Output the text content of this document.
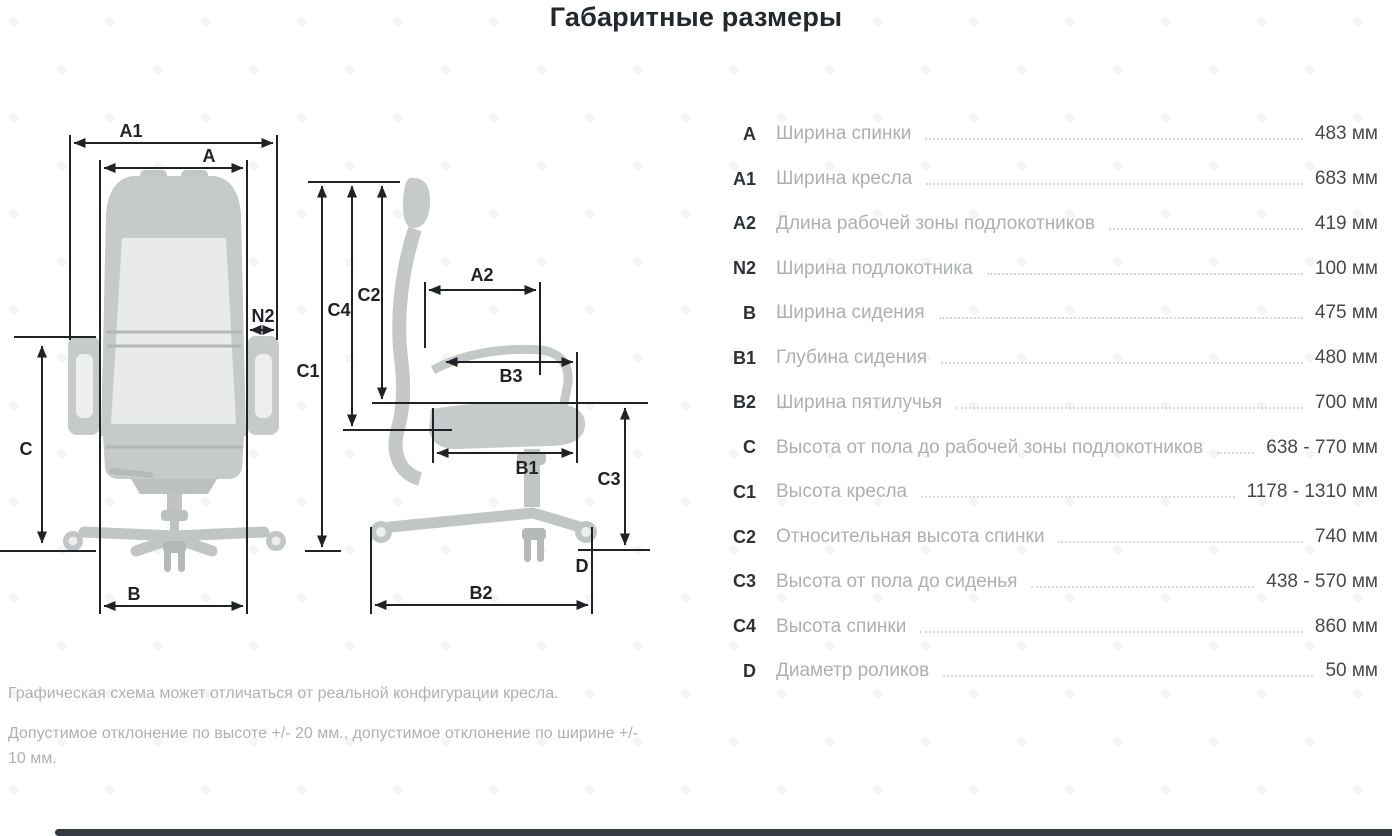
Габаритные размеры
A1
A
N2
C
B
C1
C4
C2
A2
B3
B1
C3
D
B2
A Ширина спинки	483 мм
A1 Ширина кресла	683 мм
A2 Длина рабочей зоны подлокотников	419 мм
N2 Ширина подлокотника	100 мм
B Ширина сидения	475 мм
B1 Глубина сидения	480 мм
B2 Ширина пятилучья	700 мм
C Высота от пола до рабочей зоны подлокотников	638 - 770 мм
C1 Высота кресла	1178 - 1310 мм
C2 Относительная высота спинки	740 мм
C3 Высота от пола до сиденья	438 - 570 мм
C4 Высота спинки	860 мм
D Диаметр роликов	50 мм
Графическая схема может отличаться от реальной конфигурации кресла.
Допустимое отклонение по высоте +/- 20 мм., допустимое отклонение по ширине +/- 10 мм.
